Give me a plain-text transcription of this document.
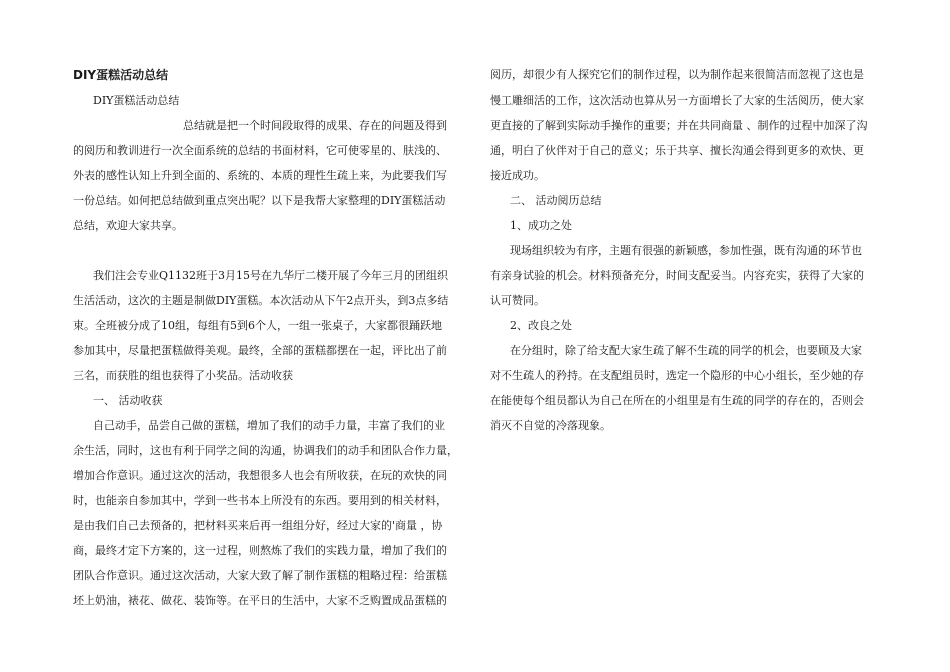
DIY蛋糕活动总结
DIY蛋糕活动总结
总结就是把一个时间段取得的成果、存在的问题及得到
的阅历和教训进行一次全面系统的总结的书面材料，它可使零星的、肤浅的、
外表的感性认知上升到全面的、系统的、本质的理性生疏上来，为此要我们写
一份总结。如何把总结做到重点突出呢？以下是我帮大家整理的DIY蛋糕活动
总结，欢迎大家共享。
我们注会专业Q1132班于3月15号在九华厅二楼开展了今年三月的团组织
生活活动，这次的主题是制做DIY蛋糕。本次活动从下午2点开头，到3点多结
束。全班被分成了10组，每组有5到6个人，一组一张桌子，大家都很踊跃地
参加其中，尽量把蛋糕做得美观。最终，全部的蛋糕都摆在一起，评比出了前
三名，而获胜的组也获得了小奖品。活动收获
一、 活动收获
自己动手，品尝自己做的蛋糕，增加了我们的动手力量，丰富了我们的业
余生活，同时，这也有利于同学之间的沟通，协调我们的动手和团队合作力量，
增加合作意识。通过这次的活动，我想很多人也会有所收获，在玩的欢快的同
时，也能亲自参加其中，学到一些书本上所没有的东西。要用到的相关材料，
是由我们自己去预备的，把材料买来后再一组组分好，经过大家的'商量 ，协
商，最终才定下方案的，这一过程，则熬炼了我们的实践力量，增加了我们的
团队合作意识。通过这次活动，大家大致了解了制作蛋糕的粗略过程：给蛋糕
坯上奶油，裱花、做花、装饰等。在平日的生活中，大家不乏购置成品蛋糕的
阅历，却很少有人探究它们的制作过程，以为制作起来很简洁而忽视了这也是
慢工雕细活的工作，这次活动也算从另一方面增长了大家的生活阅历，使大家
更直接的了解到实际动手操作的重要；并在共同商量 、制作的过程中加深了沟
通，明白了伙伴对于自己的意义；乐于共享、擅长沟通会得到更多的欢快、更
接近成功。
二、 活动阅历总结
1、成功之处
现场组织较为有序，主题有很强的新颖感，参加性强，既有沟通的环节也
有亲身试验的机会。材料预备充分，时间支配妥当。内容充实，获得了大家的
认可赞同。
2、改良之处
在分组时，除了给支配大家生疏了解不生疏的同学的机会，也要顾及大家
对不生疏人的矜持。在支配组员时，选定一个隐形的中心小组长，至少她的存
在能使每个组员都认为自己在所在的小组里是有生疏的同学的存在的，否则会
消灭不自觉的冷落现象。
